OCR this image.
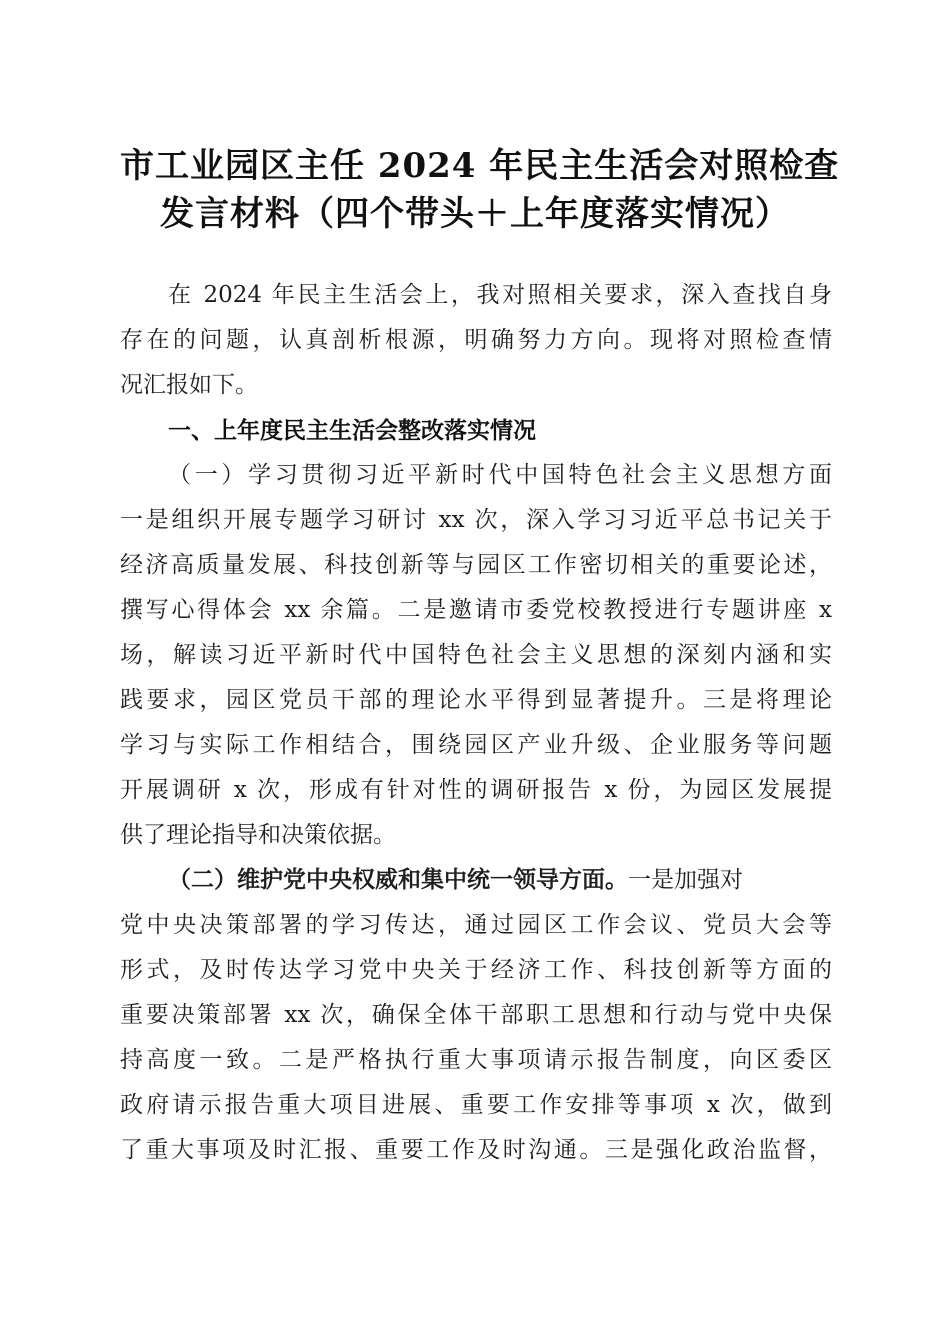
市工业园区主任 2024 年民主生活会对照检查
发言材料（四个带头＋上年度落实情况）
在 2024 年民主生活会上，我对照相关要求，深入查找自身
存在的问题，认真剖析根源，明确努力方向。现将对照检查情
况汇报如下。
一、上年度民主生活会整改落实情况
（一）学习贯彻习近平新时代中国特色社会主义思想方面
一是组织开展专题学习研讨 xx 次，深入学习习近平总书记关于
经济高质量发展、科技创新等与园区工作密切相关的重要论述，
撰写心得体会 xx 余篇。二是邀请市委党校教授进行专题讲座 x
场，解读习近平新时代中国特色社会主义思想的深刻内涵和实
践要求，园区党员干部的理论水平得到显著提升。三是将理论
学习与实际工作相结合，围绕园区产业升级、企业服务等问题
开展调研 x 次，形成有针对性的调研报告 x 份，为园区发展提
供了理论指导和决策依据。
（二）维护党中央权威和集中统一领导方面。一是加强对
党中央决策部署的学习传达，通过园区工作会议、党员大会等
形式，及时传达学习党中央关于经济工作、科技创新等方面的
重要决策部署 xx 次，确保全体干部职工思想和行动与党中央保
持高度一致。二是严格执行重大事项请示报告制度，向区委区
政府请示报告重大项目进展、重要工作安排等事项 x 次，做到
了重大事项及时汇报、重要工作及时沟通。三是强化政治监督，
